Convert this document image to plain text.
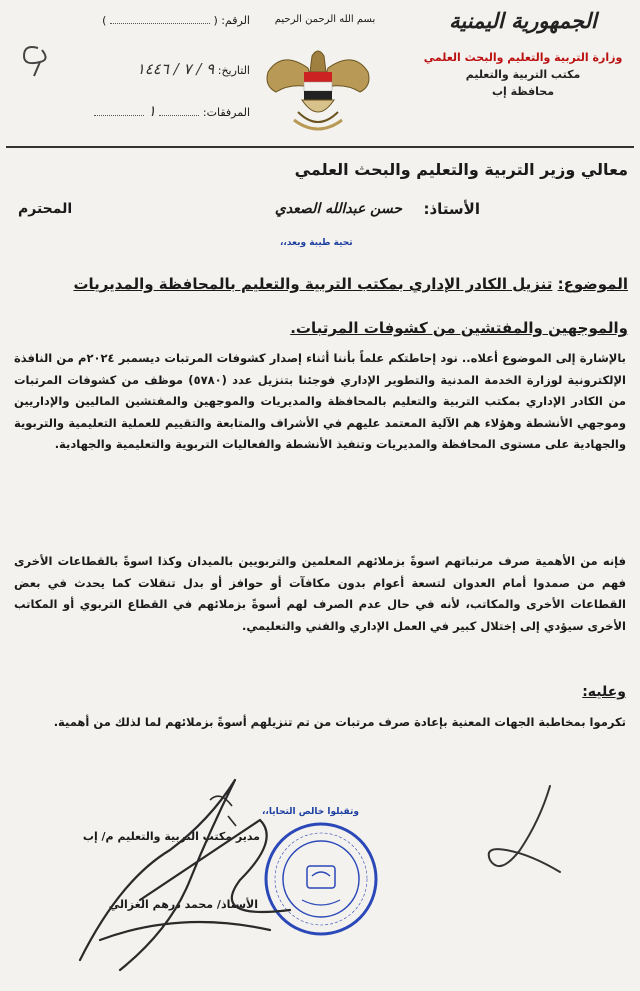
الجمهورية اليمنية
وزارة التربية والتعليم والبحث العلمي
مكتب التربية والتعليم
محافظة إب
بسم الله الرحمن الرحيم
الرقم: (  )
التاريخ: ٩ / ٧ / ١٤٤٦
المرفقات:  ١
معالي وزير التربية والتعليم والبحث العلمي
الأستاذ:
حسن عبدالله الصعدي
المحترم
تحية طيبة وبعد،،
الموضوع: تنزيل الكادر الإداري بمكتب التربية والتعليم بالمحافظة والمديريات والموجهين والمفتشين من كشوفات المرتبات.
بالإشارة إلى الموضوع أعلاه.. نود إحاطتكم علماً بأننا أثناء إصدار كشوفات المرتبات ديسمبر ٢٠٢٤م من النافذة الإلكترونية لوزارة الخدمة المدنية والتطوير الإداري فوجئنا بتنزيل عدد (٥٧٨٠) موظف من كشوفات المرتبات من الكادر الإداري بمكتب التربية والتعليم بالمحافظة والمديريات والموجهين والمفتشين الماليين والإداريين وموجهي الأنشطة وهؤلاء هم الآلية المعتمد عليهم في الأشراف والمتابعة والتقييم للعملية التعليمية والتربوية والجهادية على مستوى المحافظة والمديريات وتنفيذ الأنشطة والفعاليات التربوية والتعليمية والجهادية.
فإنه من الأهمية صرف مرتباتهم اسوةً بزملائهم المعلمين والتربويين بالميدان وكذا اسوةً بالقطاعات الأخرى فهم من صمدوا أمام العدوان لتسعة أعوام بدون مكافآت أو حوافز أو بدل تنقلات كما يحدث في بعض القطاعات الأخرى والمكاتب، لأنه في حال عدم الصرف لهم أسوةً بزملائهم في القطاع التربوي أو المكاتب الأخرى سيؤدي إلى إختلال كبير في العمل الإداري والفني والتعليمي.
وعليه:
تكرموا بمخاطبة الجهات المعنية بإعادة صرف مرتبات من تم تنزيلهم أسوةً بزملائهم لما لذلك من أهمية.
وتقبلوا خالص التحايا،،
مدير مكتب التربية والتعليم م/ إب
الأستاذ/ محمد درهم الغزالي
